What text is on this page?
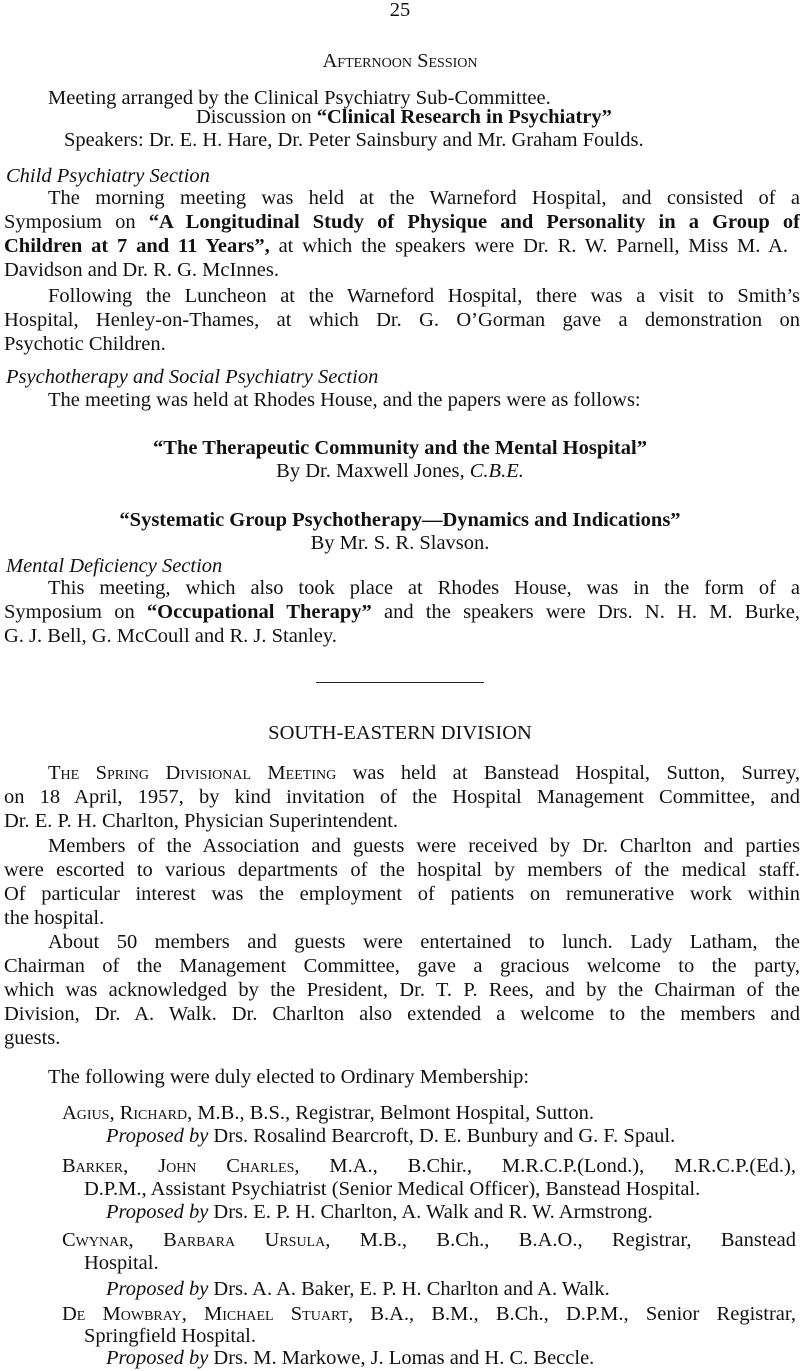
25
Afternoon Session
Meeting arranged by the Clinical Psychiatry Sub-Committee.
Discussion on “Clinical Research in Psychiatry”
Speakers: Dr. E. H. Hare, Dr. Peter Sainsbury and Mr. Graham Foulds.
Child Psychiatry Section
The morning meeting was held at the Warneford Hospital, and consisted of a
Symposium on “A Longitudinal Study of Physique and Personality in a Group of
Children at 7 and 11 Years”, at which the speakers were Dr. R. W. Parnell, Miss M. A.
Davidson and Dr. R. G. McInnes.
Following the Luncheon at the Warneford Hospital, there was a visit to Smith’s
Hospital, Henley-on-Thames, at which Dr. G. O’Gorman gave a demonstration on
Psychotic Children.
Psychotherapy and Social Psychiatry Section
The meeting was held at Rhodes House, and the papers were as follows:
“The Therapeutic Community and the Mental Hospital”
By Dr. Maxwell Jones, C.B.E.
“Systematic Group Psychotherapy—Dynamics and Indications”
By Mr. S. R. Slavson.
Mental Deficiency Section
This meeting, which also took place at Rhodes House, was in the form of a
Symposium on “Occupational Therapy” and the speakers were Drs. N. H. M. Burke,
G. J. Bell, G. McCoull and R. J. Stanley.
SOUTH-EASTERN DIVISION
The Spring Divisional Meeting was held at Banstead Hospital, Sutton, Surrey,
on 18 April, 1957, by kind invitation of the Hospital Management Committee, and
Dr. E. P. H. Charlton, Physician Superintendent.
Members of the Association and guests were received by Dr. Charlton and parties
were escorted to various departments of the hospital by members of the medical staff.
Of particular interest was the employment of patients on remunerative work within
the hospital.
About 50 members and guests were entertained to lunch. Lady Latham, the
Chairman of the Management Committee, gave a gracious welcome to the party,
which was acknowledged by the President, Dr. T. P. Rees, and by the Chairman of the
Division, Dr. A. Walk. Dr. Charlton also extended a welcome to the members and
guests.
The following were duly elected to Ordinary Membership:
Agius, Richard, M.B., B.S., Registrar, Belmont Hospital, Sutton.
Proposed by Drs. Rosalind Bearcroft, D. E. Bunbury and G. F. Spaul.
Barker, John Charles, M.A., B.Chir., M.R.C.P.(Lond.), M.R.C.P.(Ed.),
D.P.M., Assistant Psychiatrist (Senior Medical Officer), Banstead Hospital.
Proposed by Drs. E. P. H. Charlton, A. Walk and R. W. Armstrong.
Cwynar, Barbara Ursula, M.B., B.Ch., B.A.O., Registrar, Banstead
Hospital.
Proposed by Drs. A. A. Baker, E. P. H. Charlton and A. Walk.
De Mowbray, Michael Stuart, B.A., B.M., B.Ch., D.P.M., Senior Registrar,
Springfield Hospital.
Proposed by Drs. M. Markowe, J. Lomas and H. C. Beccle.
